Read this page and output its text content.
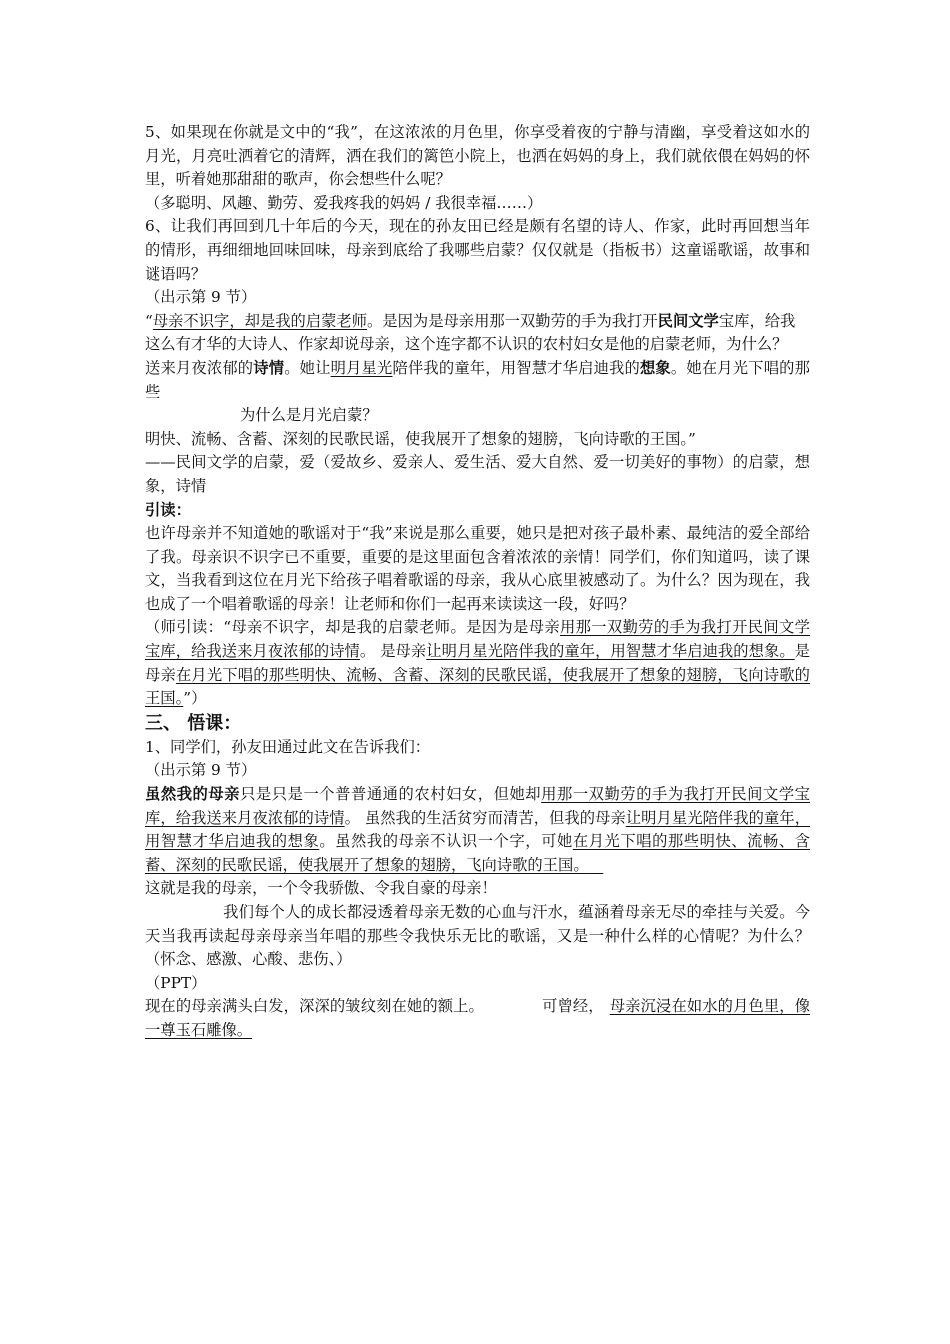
5、如果现在你就是文中的“我”，在这浓浓的月色里，你享受着夜的宁静与清幽，享受着这如水的月光，月亮吐洒着它的清辉，洒在我们的篱笆小院上，也洒在妈妈的身上，我们就依偎在妈妈的怀里，听着她那甜甜的歌声，你会想些什么呢？

（多聪明、风趣、勤劳、爱我疼我的妈妈 / 我很幸福……）

6、让我们再回到几十年后的今天，现在的孙友田已经是颇有名望的诗人、作家，此时再回想当年的情形，再细细地回味回味，母亲到底给了我哪些启蒙？仅仅就是（指板书）这童谣歌谣，故事和谜语吗？

（出示第 9 节）

“母亲不识字，却是我的启蒙老师。是因为是母亲用那一双勤劳的手为我打开民间文学宝库，给我

这么有才华的大诗人、作家却说母亲，这个连字都不认识的农村妇女是他的启蒙老师，为什么？

送来月夜浓郁的诗情。她让明月星光陪伴我的童年，用智慧才华启迪我的想象。她在月光下唱的那些

为什么是月光启蒙？

明快、流畅、含蓄、深刻的民歌民谣，使我展开了想象的翅膀，飞向诗歌的王国。”

——民间文学的启蒙，爱（爱故乡、爱亲人、爱生活、爱大自然、爱一切美好的事物）的启蒙，想象，诗情

引读：

也许母亲并不知道她的歌谣对于“我”来说是那么重要，她只是把对孩子最朴素、最纯洁的爱全部给了我。母亲识不识字已不重要，重要的是这里面包含着浓浓的亲情！同学们，你们知道吗，读了课文，当我看到这位在月光下给孩子唱着歌谣的母亲，我从心底里被感动了。为什么？因为现在，我也成了一个唱着歌谣的母亲！让老师和你们一起再来读读这一段，好吗？

（师引读：“母亲不识字，却是我的启蒙老师。是因为是母亲用那一双勤劳的手为我打开民间文学宝库，给我送来月夜浓郁的诗情。 是母亲让明月星光陪伴我的童年，用智慧才华启迪我的想象。是母亲在月光下唱的那些明快、流畅、含蓄、深刻的民歌民谣，使我展开了想象的翅膀，飞向诗歌的王国。”）

三、 悟课：

1、同学们，孙友田通过此文在告诉我们：

（出示第 9 节）

虽然我的母亲只是只是一个普普通通的农村妇女，但她却用那一双勤劳的手为我打开民间文学宝库，给我送来月夜浓郁的诗情。 虽然我的生活贫穷而清苦，但我的母亲让明月星光陪伴我的童年，用智慧才华启迪我的想象。虽然我的母亲不认识一个字，可她在月光下唱的那些明快、流畅、含蓄、深刻的民歌民谣，使我展开了想象的翅膀，飞向诗歌的王国。

这就是我的母亲，一个令我骄傲、令我自豪的母亲！

我们每个人的成长都浸透着母亲无数的心血与汗水，蕴涵着母亲无尽的牵挂与关爱。今天当我再读起母亲母亲当年唱的那些令我快乐无比的歌谣，又是一种什么样的心情呢？为什么？（怀念、感激、心酸、悲伤、）

（PPT）

现在的母亲满头白发，深深的皱纹刻在她的额上。	可曾经， 母亲沉浸在如水的月色里，像一尊玉石雕像。
